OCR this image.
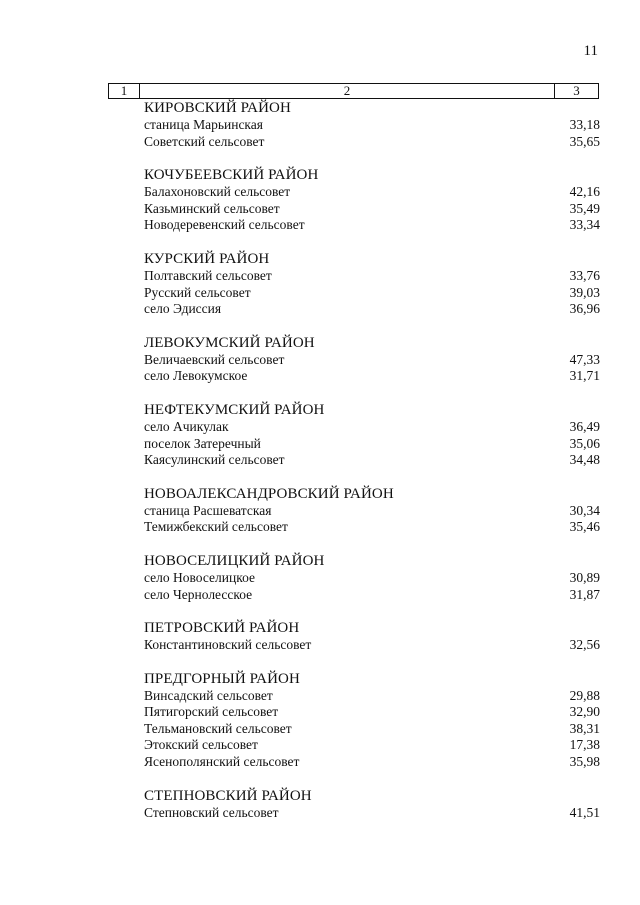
11
1	2	3
КИРОВСКИЙ РАЙОН
станица Марьинская	33,18
Советский сельсовет	35,65
КОЧУБЕЕВСКИЙ РАЙОН
Балахоновский сельсовет	42,16
Казьминский сельсовет	35,49
Новодеревенский сельсовет	33,34
КУРСКИЙ РАЙОН
Полтавский сельсовет	33,76
Русский сельсовет	39,03
село Эдиссия	36,96
ЛЕВОКУМСКИЙ РАЙОН
Величаевский сельсовет	47,33
село Левокумское	31,71
НЕФТЕКУМСКИЙ РАЙОН
село Ачикулак	36,49
поселок Затеречный	35,06
Каясулинский сельсовет	34,48
НОВОАЛЕКСАНДРОВСКИЙ РАЙОН
станица Расшеватская	30,34
Темижбекский сельсовет	35,46
НОВОСЕЛИЦКИЙ РАЙОН
село Новоселицкое	30,89
село Чернолесское	31,87
ПЕТРОВСКИЙ РАЙОН
Константиновский сельсовет	32,56
ПРЕДГОРНЫЙ РАЙОН
Винсадский сельсовет	29,88
Пятигорский сельсовет	32,90
Тельмановский сельсовет	38,31
Этокский сельсовет	17,38
Ясенополянский сельсовет	35,98
СТЕПНОВСКИЙ РАЙОН
Степновский сельсовет	41,51
